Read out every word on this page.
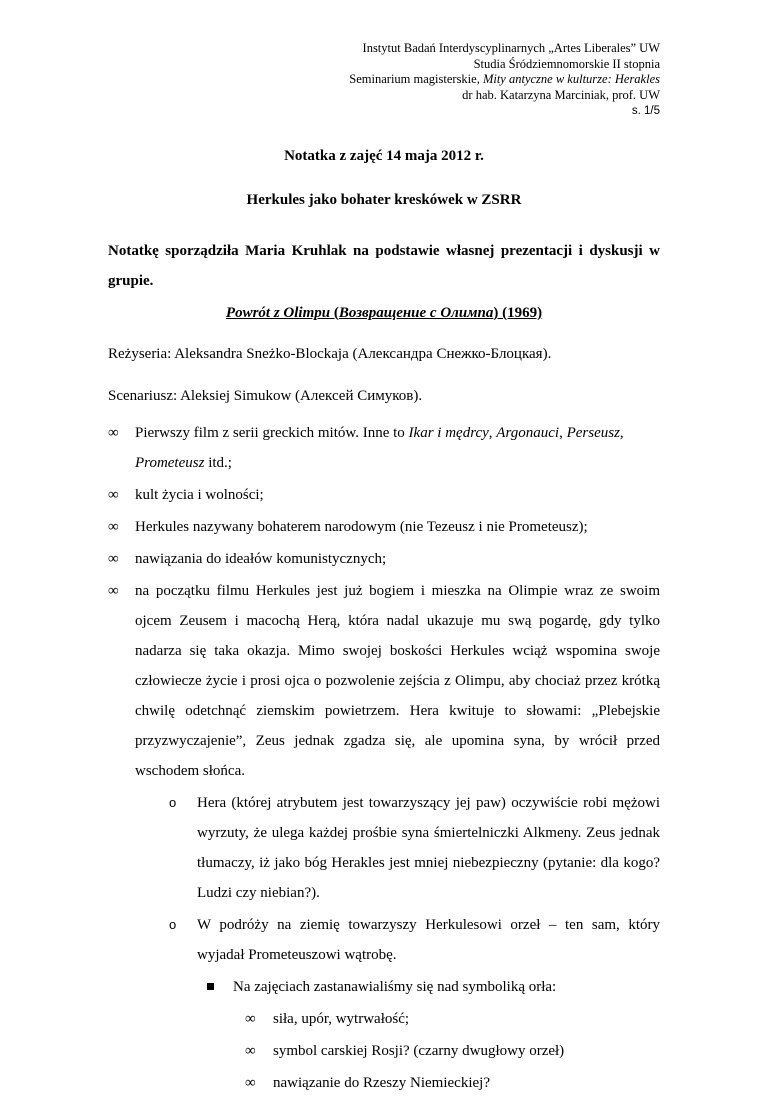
Instytut Badań Interdyscyplinarnych „Artes Liberales” UW
Studia Śródziemnomorskie II stopnia
Seminarium magisterskie, Mity antyczne w kulturze: Herakles
dr hab. Katarzyna Marciniak, prof. UW
s. 1/5
Notatka z zajęć 14 maja 2012 r.
Herkules jako bohater kreskówek w ZSRR
Notatkę sporządziła Maria Kruhlak na podstawie własnej prezentacji i dyskusji w grupie.
Powrót z Olimpu (Возвращение с Олимпа) (1969)
Reżyseria: Aleksandra Sneżko-Blockaja (Александра Снежко-Блоцкая).
Scenariusz: Aleksiej Simukow (Алексей Симуков).
∞ Pierwszy film z serii greckich mitów. Inne to Ikar i mędrcy, Argonauci, Perseusz,
Prometeusz itd.;
∞ kult życia i wolności;
∞ Herkules nazywany bohaterem narodowym (nie Tezeusz i nie Prometeusz);
∞ nawiązania do ideałów komunistycznych;
∞ na początku filmu Herkules jest już bogiem i mieszka na Olimpie wraz ze swoim ojcem Zeusem i macochą Herą, która nadal ukazuje mu swą pogardę, gdy tylko nadarza się taka okazja. Mimo swojej boskości Herkules wciąż wspomina swoje człowiecze życie i prosi ojca o pozwolenie zejścia z Olimpu, aby chociaż przez krótką chwilę odetchnąć ziemskim powietrzem. Hera kwituje to słowami: „Plebejskie przyzwyczajenie”, Zeus jednak zgadza się, ale upomina syna, by wrócił przed wschodem słońca.
o Hera (której atrybutem jest towarzyszący jej paw) oczywiście robi mężowi wyrzuty, że ulega każdej prośbie syna śmiertelniczki Alkmeny. Zeus jednak tłumaczy, iż jako bóg Herakles jest mniej niebezpieczny (pytanie: dla kogo? Ludzi czy niebian?).
o W podróży na ziemię towarzyszy Herkulesowi orzeł – ten sam, który wyjadał Prometeuszowi wątrobę.
Na zajęciach zastanawialiśmy się nad symboliką orła:
∞ siła, upór, wytrwałość;
∞ symbol carskiej Rosji? (czarny dwugłowy orzeł)
∞ nawiązanie do Rzeszy Niemieckiej?
